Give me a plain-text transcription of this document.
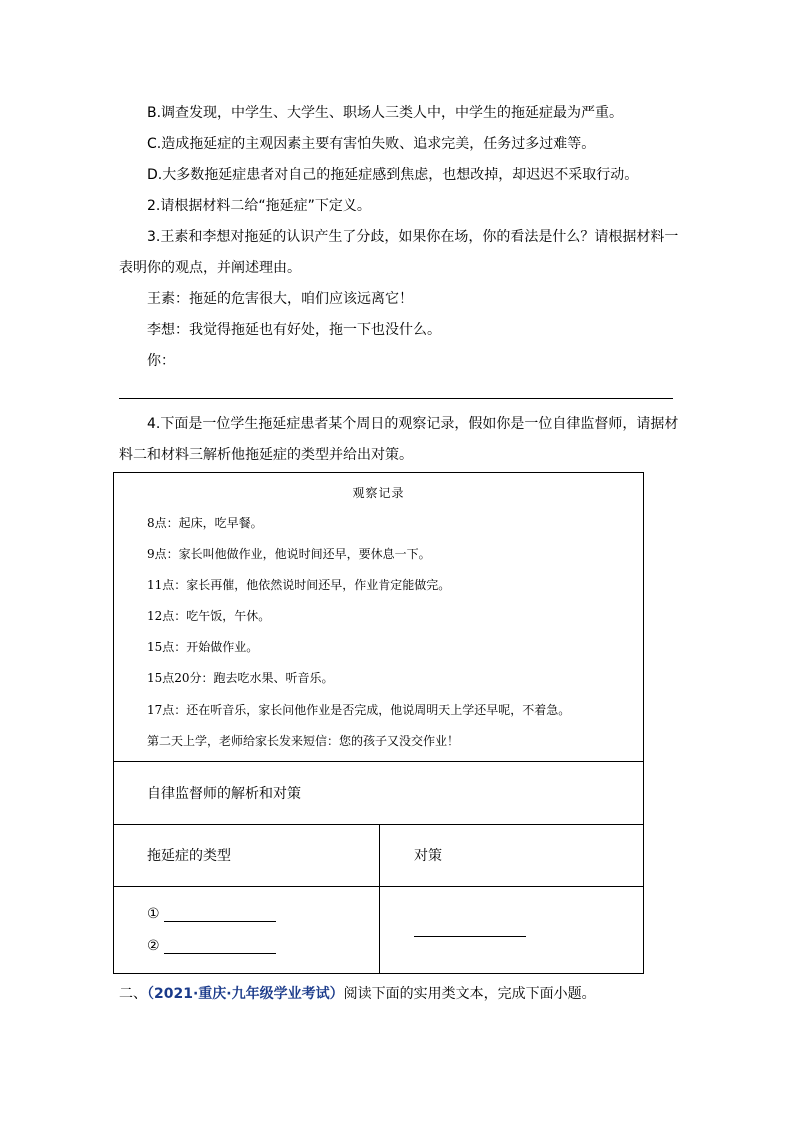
B.调查发现，中学生、大学生、职场人三类人中，中学生的拖延症最为严重。
C.造成拖延症的主观因素主要有害怕失败、追求完美，任务过多过难等。
D.大多数拖延症患者对自己的拖延症感到焦虑，也想改掉，却迟迟不采取行动。
2.请根据材料二给“拖延症”下定义。
3.王素和李想对拖延的认识产生了分歧，如果你在场，你的看法是什么？请根据材料一
表明你的观点，并阐述理由。
王素：拖延的危害很大，咱们应该远离它！
李想：我觉得拖延也有好处，拖一下也没什么。
你：
4.下面是一位学生拖延症患者某个周日的观察记录，假如你是一位自律监督师，请据材
料二和材料三解析他拖延症的类型并给出对策。
观察记录
8点：起床，吃早餐。
9点：家长叫他做作业，他说时间还早，要休息一下。
11点：家长再催，他依然说时间还早，作业肯定能做完。
12点：吃午饭，午休。
15点：开始做作业。
15点20分：跑去吃水果、听音乐。
17点：还在听音乐，家长问他作业是否完成，他说周明天上学还早呢，不着急。
第二天上学，老师给家长发来短信：您的孩子又没交作业！
自律监督师的解析和对策
拖延症的类型	对策
①
②
二、（2021·重庆·九年级学业考试）阅读下面的实用类文本，完成下面小题。
